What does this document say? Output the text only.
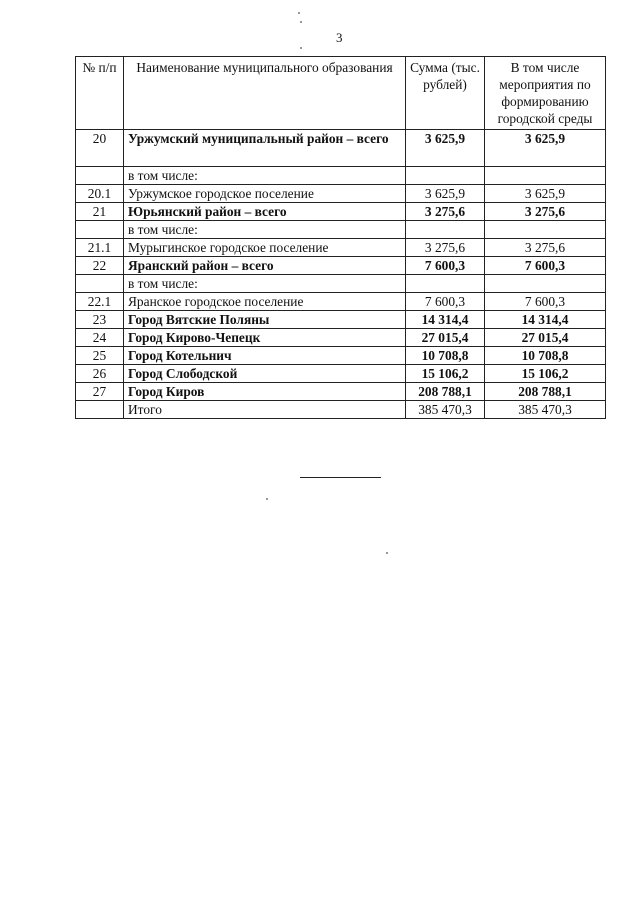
3
№ п/п	Наименование муниципального образования	Сумма (тыс. рублей)	В том числе мероприятия по формированию городской среды
20	Уржумский муниципальный район – всего	3 625,9	3 625,9
	в том числе:		
20.1	Уржумское городское поселение	3 625,9	3 625,9
21	Юрьянский район – всего	3 275,6	3 275,6
	в том числе:		
21.1	Мурыгинское городское поселение	3 275,6	3 275,6
22	Яранский район – всего	7 600,3	7 600,3
	в том числе:		
22.1	Яранское городское поселение	7 600,3	7 600,3
23	Город Вятские Поляны	14 314,4	14 314,4
24	Город Кирово-Чепецк	27 015,4	27 015,4
25	Город Котельнич	10 708,8	10 708,8
26	Город Слободской	15 106,2	15 106,2
27	Город Киров	208 788,1	208 788,1
	Итого	385 470,3	385 470,3
